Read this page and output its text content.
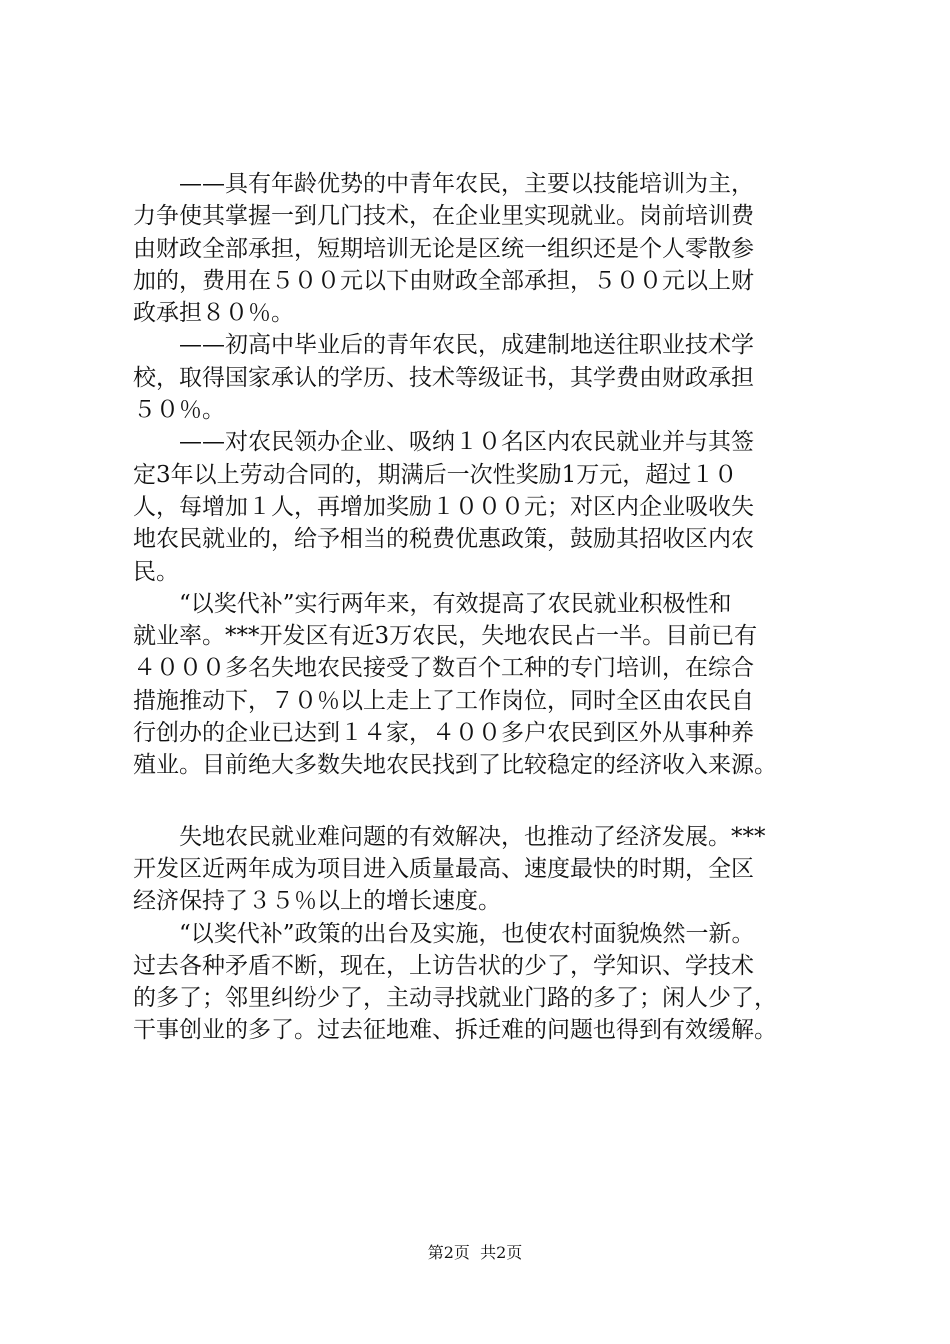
　　——具有年龄优势的中青年农民，主要以技能培训为主，
力争使其掌握一到几门技术，在企业里实现就业。岗前培训费
由财政全部承担，短期培训无论是区统一组织还是个人零散参
加的，费用在５００元以下由财政全部承担，５００元以上财
政承担８０％。
　　——初高中毕业后的青年农民，成建制地送往职业技术学
校，取得国家承认的学历、技术等级证书，其学费由财政承担
５０％。
　　——对农民领办企业、吸纳１０名区内农民就业并与其签
定3年以上劳动合同的，期满后一次性奖励1万元，超过１０
人，每增加１人，再增加奖励１０００元；对区内企业吸收失
地农民就业的，给予相当的税费优惠政策，鼓励其招收区内农
民。
　　“以奖代补”实行两年来，有效提高了农民就业积极性和
就业率。***开发区有近3万农民，失地农民占一半。目前已有
４０００多名失地农民接受了数百个工种的专门培训，在综合
措施推动下，７０％以上走上了工作岗位，同时全区由农民自
行创办的企业已达到１４家，４００多户农民到区外从事种养
殖业。目前绝大多数失地农民找到了比较稳定的经济收入来源。
　　失地农民就业难问题的有效解决，也推动了经济发展。***
开发区近两年成为项目进入质量最高、速度最快的时期，全区
经济保持了３５％以上的增长速度。
　　“以奖代补”政策的出台及实施，也使农村面貌焕然一新。
过去各种矛盾不断，现在，上访告状的少了，学知识、学技术
的多了；邻里纠纷少了，主动寻找就业门路的多了；闲人少了，
干事创业的多了。过去征地难、拆迁难的问题也得到有效缓解。
第2页  共2页
